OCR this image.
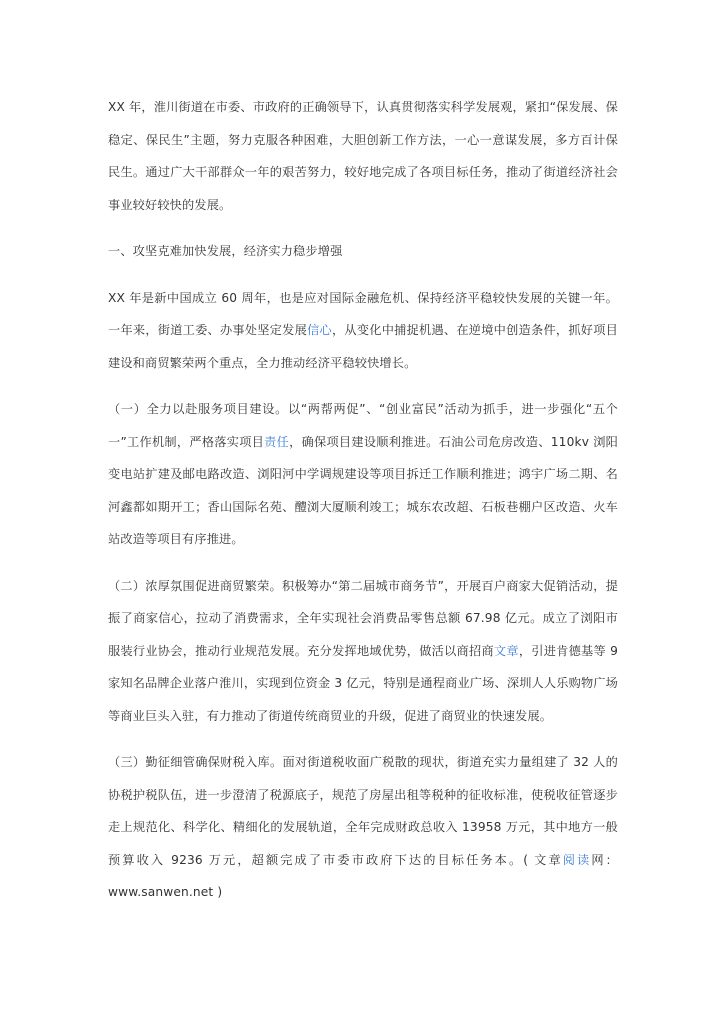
XX 年，淮川街道在市委、市政府的正确领导下，认真贯彻落实科学发展观，紧扣“保发展、保稳定、保民生”主题，努力克服各种困难，大胆创新工作方法，一心一意谋发展，多方百计保民生。通过广大干部群众一年的艰苦努力，较好地完成了各项目标任务，推动了街道经济社会事业较好较快的发展。

一、攻坚克难加快发展，经济实力稳步增强

XX 年是新中国成立 60 周年，也是应对国际金融危机、保持经济平稳较快发展的关键一年。一年来，街道工委、办事处坚定发展信心，从变化中捕捉机遇、在逆境中创造条件，抓好项目建设和商贸繁荣两个重点，全力推动经济平稳较快增长。

（一）全力以赴服务项目建设。以“两帮两促”、“创业富民”活动为抓手，进一步强化“五个一”工作机制，严格落实项目责任，确保项目建设顺利推进。石油公司危房改造、110kv 浏阳变电站扩建及邮电路改造、浏阳河中学调规建设等项目拆迁工作顺利推进；鸿宇广场二期、名河鑫都如期开工；香山国际名苑、醴浏大厦顺利竣工；城东农改超、石板巷棚户区改造、火车站改造等项目有序推进。

（二）浓厚氛围促进商贸繁荣。积极筹办“第二届城市商务节”，开展百户商家大促销活动，提振了商家信心，拉动了消费需求，全年实现社会消费品零售总额 67.98 亿元。成立了浏阳市服装行业协会，推动行业规范发展。充分发挥地域优势，做活以商招商文章，引进肯德基等 9 家知名品牌企业落户淮川，实现到位资金 3 亿元，特别是通程商业广场、深圳人人乐购物广场等商业巨头入驻，有力推动了街道传统商贸业的升级，促进了商贸业的快速发展。

（三）勤征细管确保财税入库。面对街道税收面广税散的现状，街道充实力量组建了 32 人的协税护税队伍，进一步澄清了税源底子，规范了房屋出租等税种的征收标准，使税收征管逐步走上规范化、科学化、精细化的发展轨道，全年完成财政总收入 13958 万元，其中地方一般预算收入 9236 万元，超额完成了市委市政府下达的目标任务本。( 文章阅读网：www.sanwen.net )
